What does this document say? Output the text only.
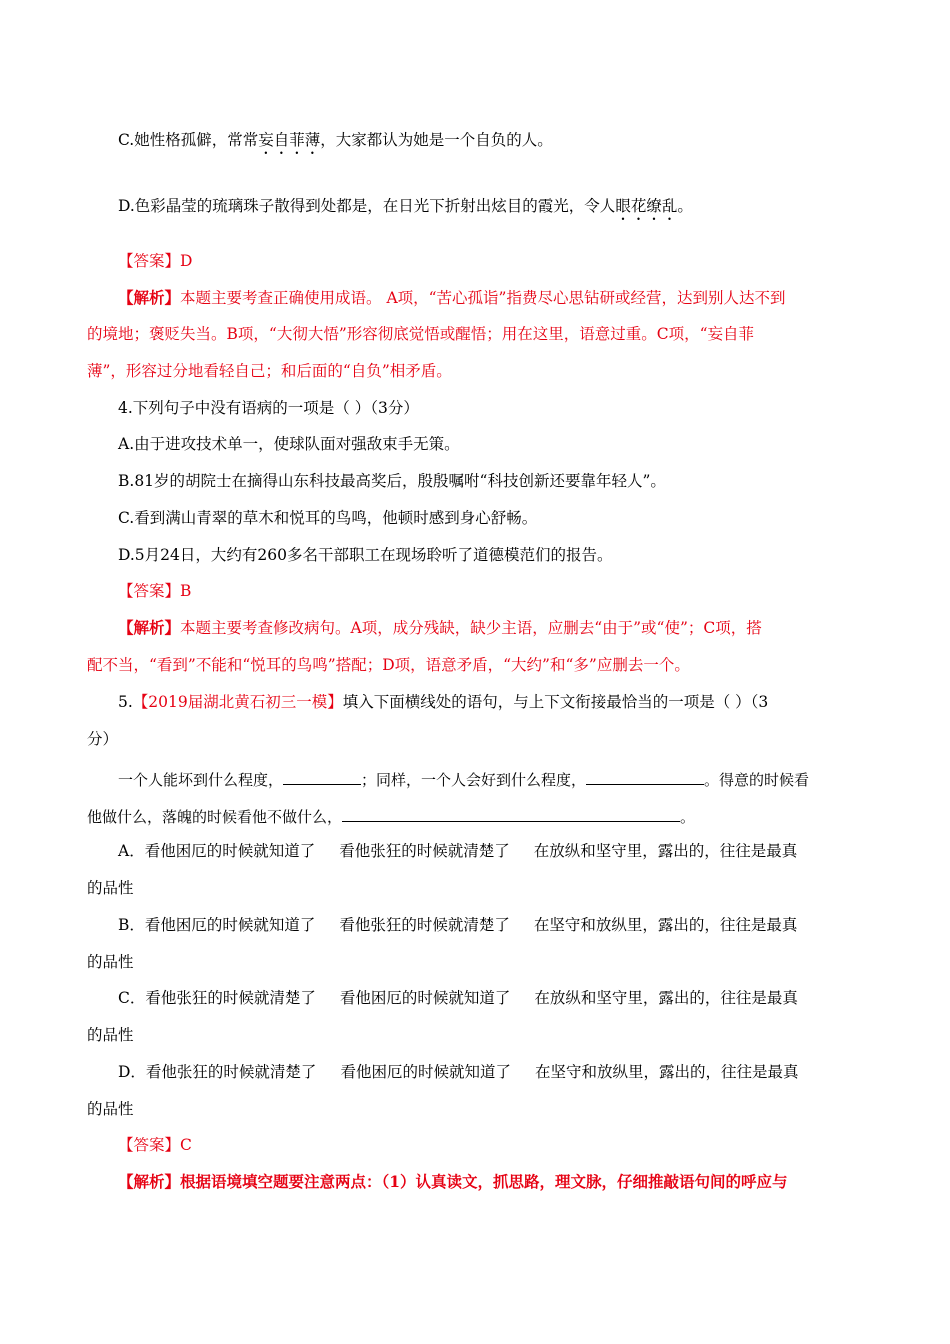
C.她性格孤僻，常常妄自菲薄，大家都认为她是一个自负的人。
D.色彩晶莹的琉璃珠子散得到处都是，在日光下折射出炫目的霞光，令人眼花缭乱。
【答案】D
【解析】本题主要考查正确使用成语。 A项，“苦心孤诣”指费尽心思钻研或经营，达到别人达不到
的境地；褒贬失当。B项，“大彻大悟”形容彻底觉悟或醒悟；用在这里，语意过重。C项，“妄自菲
薄”，形容过分地看轻自己；和后面的“自负”相矛盾。
4.下列句子中没有语病的一项是（ ）（3分）
A.由于进攻技术单一，使球队面对强敌束手无策。
B.81岁的胡院士在摘得山东科技最高奖后，殷殷嘱咐“科技创新还要靠年轻人”。
C.看到满山青翠的草木和悦耳的鸟鸣，他顿时感到身心舒畅。
D.5月24日，大约有260多名干部职工在现场聆听了道德模范们的报告。
【答案】B
【解析】本题主要考查修改病句。A项，成分残缺，缺少主语，应删去“由于”或“使”；C项，搭
配不当，“看到”不能和“悦耳的鸟鸣”搭配；D项，语意矛盾，“大约”和“多”应删去一个。
5.【2019届湖北黄石初三一模】填入下面横线处的语句，与上下文衔接最恰当的一项是（ ）（3
分）
一个人能坏到什么程度，	；同样，一个人会好到什么程度，	。得意的时候看
他做什么，落魄的时候看他不做什么，	。
A．看他困厄的时候就知道了 看他张狂的时候就清楚了 在放纵和坚守里，露出的，往往是最真
的品性
B．看他困厄的时候就知道了 看他张狂的时候就清楚了 在坚守和放纵里，露出的，往往是最真
的品性
C．看他张狂的时候就清楚了 看他困厄的时候就知道了 在放纵和坚守里，露出的，往往是最真
的品性
D．看他张狂的时候就清楚了 看他困厄的时候就知道了 在坚守和放纵里，露出的，往往是最真
的品性
【答案】C
【解析】根据语境填空题要注意两点：（1）认真读文，抓思路，理文脉，仔细推敲语句间的呼应与
